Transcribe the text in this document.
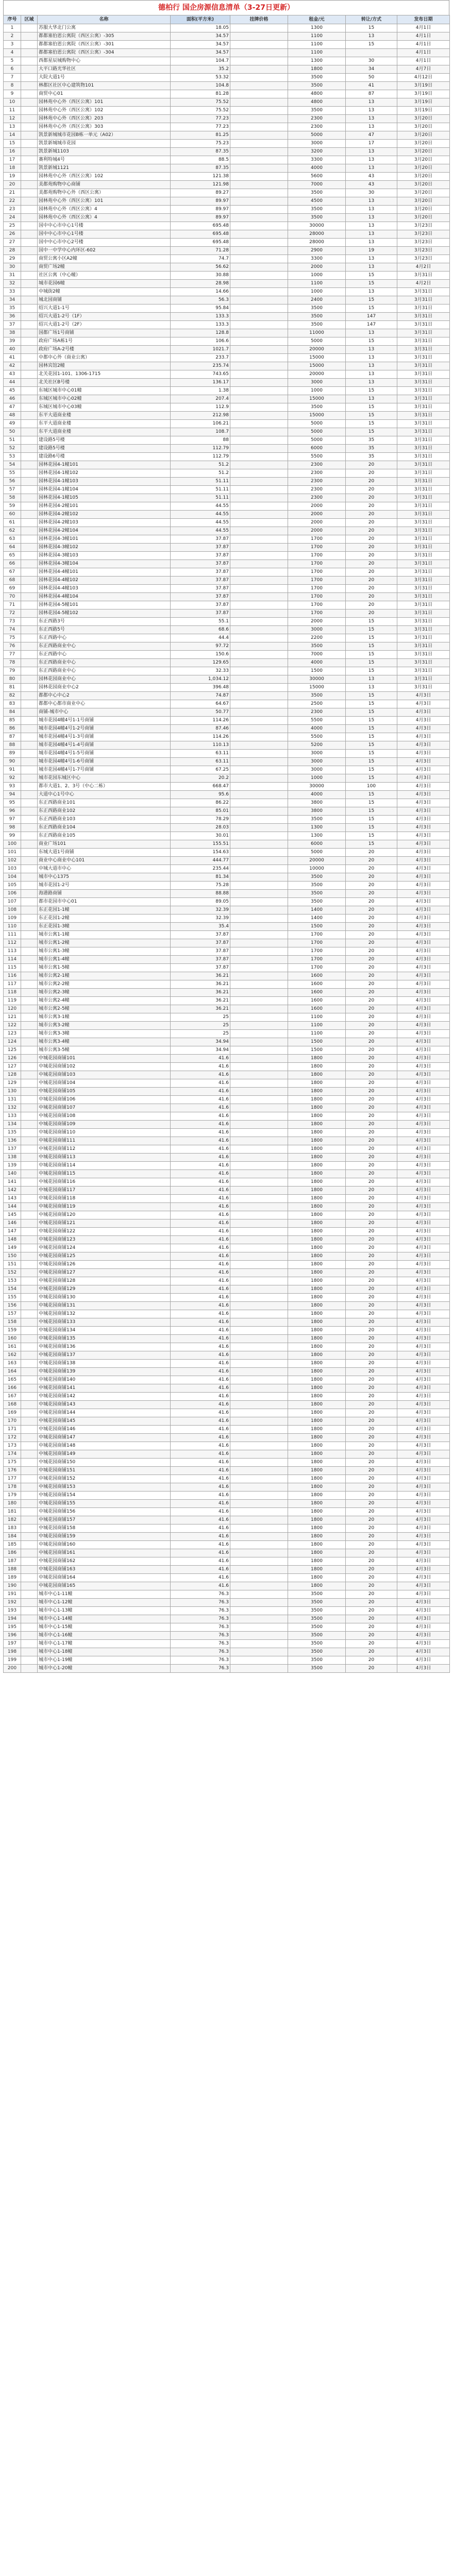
德柏行 国企房源信息清单（3-27日更新）
序号	区域	名称	面积(平方米)	挂牌价格	租金/元	转让/方式	发布日期
1		苏服大华北门公寓	18.05		1300	15	4月1日
2		都都塞伯恩公寓院（西区公寓）-305	34.57		1100	13	4月1日
3		都都塞伯恩公寓院（西区公寓）-301	34.57		1100	15	4月1日
4		都都塞伯恩公寓院（西区公寓）-304	34.57		1100		4月1日
5		西都星辰城购物中心	104.7		1300	30	4月1日
6		大平口路光华社区	35.2		1800	34	4月7日
7		大院大道1号	53.32		3500	50	4月12日
8		林都区社区中心建筑物101	104.8		3500	41	3月19日
9		商贸中心01	81.28		4800	87	3月19日
10		园林苑中心外（西区公寓）101	75.52		4800	13	3月19日
11		园林苑中心外（西区公寓）102	75.52		3500	13	3月19日
12		园林苑中心外（西区公寓）203	77.23		2300	13	3月20日
13		园林苑中心外（西区公寓）303	77.23		2300	13	3月20日
14		凯景新城城市花园B栋一单元（A02）	81.25		5000	47	3月20日
15		凯景新城城市花园	75.23		3000	17	3月20日
16		凯景新城1103	87.35		3200	13	3月20日
17		赛利特城4号	88.5		3300	13	3月20日
18		凯景新城1121	87.35		4000	13	3月20日
19		园林苑中心外（西区公寓）102	121.38		5600	43	3月20日
20		美都苑购物中心商铺	121.98		7000	43	3月20日
21		美都苑购物中心外（西区公寓）	89.27		3500	30	3月20日
22		园林苑中心外（西区公寓）101	89.97		4500	13	3月20日
23		园林苑中心外（西区公寓）4	89.97		3500	13	3月20日
24		园林苑中心外（西区公寓）4	89.97		3500	13	3月20日
25		国中中心市中心1号楼	695.48		30000	13	3月23日
26		国中中心市中心1号楼	695.48		28000	13	3月23日
27		国中中心市中心2号楼	695.48		28000	13	3月23日
28		国中一中学中心内环区-602	71.28		2900	19	3月23日
29		商贸公寓小区A2幢	74.7		3300	13	3月23日
30		商贸广场2幢	56.62		2000	13	4月2日
31		社区公寓（中心幢）	30.88		1000	15	3月31日
32		城市花园6幢	28.98		1100	15	4月2日
33		中城街2幢	14.66		1000	13	3月31日
34		城北园商铺	56.3		2400	15	3月31日
35		绍兴大道1-1号	95.84		3500	15	3月31日
36		绍兴大道1-2号（1F）	133.3		3500	147	3月31日
37		绍兴大道1-2号（2F）	133.3		3500	147	3月31日
38		国都广场1号商铺	128.8		11000	13	3月31日
39		政府广场A栋1号	106.6		5000	15	3月31日
40		政府广场A-2号楼	1021.7		20000	13	3月31日
41		中都中心外（商业公寓）	233.7		15000	13	3月31日
42		园林宾馆2幢	235.74		15000	13	3月31日
43		北关花园1-101、1306-1715	743.65		20000	13	3月31日
44		北关社区B号楼	136.17		3000	13	3月31日
45		东城区城市中心01幢	1.38		1000	15	3月31日
46		东城区城市中心02幢	207.4		15000	13	3月31日
47		东城区城市中心03幢	112.9		3500	15	3月31日
48		东平大道商业楼	212.98		15000	15	3月31日
49		东平大道商业楼	106.21		5000	15	3月31日
50		东平大道商业楼	108.7		5000	15	3月31日
51		建设路5号楼	88		5000	35	3月31日
52		建设路5号楼	112.79		6000	35	3月31日
53		建设路6号楼	112.79		5500	35	3月31日
54		园林花园4-1幢101	51.2		2300	20	3月31日
55		园林花园4-1幢102	51.2		2300	20	3月31日
56		园林花园4-1幢103	51.11		2300	20	3月31日
57		园林花园4-1幢104	51.11		2300	20	3月31日
58		园林花园4-1幢105	51.11		2300	20	3月31日
59		园林花园4-2幢101	44.55		2000	20	3月31日
60		园林花园4-2幢102	44.55		2000	20	3月31日
61		园林花园4-2幢103	44.55		2000	20	3月31日
62		园林花园4-2幢104	44.55		2000	20	3月31日
63		园林花园4-3幢101	37.87		1700	20	3月31日
64		园林花园4-3幢102	37.87		1700	20	3月31日
65		园林花园4-3幢103	37.87		1700	20	3月31日
66		园林花园4-3幢104	37.87		1700	20	3月31日
67		园林花园4-4幢101	37.87		1700	20	3月31日
68		园林花园4-4幢102	37.87		1700	20	3月31日
69		园林花园4-4幢103	37.87		1700	20	3月31日
70		园林花园4-4幢104	37.87		1700	20	3月31日
71		园林花园4-5幢101	37.87		1700	20	3月31日
72		园林花园4-5幢102	37.87		1700	20	3月31日
73		东正西路3号	55.1		2000	15	3月31日
74		东正西路5号	68.6		3000	15	3月31日
75		东正西路中心	44.4		2200	15	3月31日
76		东正西路商业中心	97.72		3500	15	3月31日
77		东正西路中心	150.6		7000	15	3月31日
78		东正西路商业中心	129.65		4000	15	3月31日
79		东正西路商业中心	32.33		1500	15	3月31日
80		园林花园商业中心	1,034.12		30000	13	3月31日
81		园林花园商业中心2	396.48		15000	13	3月31日
82		都都中心中心2	74.87		3500	15	4月3日
83		都都中心都市商业中心	64.67		2500	15	4月3日
84		商铺-城市中心	50.77		2300	15	4月3日
85		城市花园4幢4号1-1号商铺	114.26		5500	15	4月3日
86		城市花园4幢4号1-2号商铺	87.46		4000	15	4月3日
87		城市花园4幢4号1-3号商铺	114.26		5500	15	4月3日
88		城市花园4幢4号1-4号商铺	110.13		5200	15	4月3日
89		城市花园4幢4号1-5号商铺	63.11		3000	15	4月3日
90		城市花园4幢4号1-6号商铺	63.11		3000	15	4月3日
91		城市花园4幢4号1-7号商铺	67.25		3000	15	4月3日
92		城市花园东城区中心	20.2		1000	15	4月3日
93		都市大道1、2、3号（中心二栋）	668.47		30000	100	4月3日
94		大道中心1号中心	95.6		4000	15	4月3日
95		东正西路商业101	86.22		3800	15	4月3日
96		东正西路商业102	85.01		3800	15	4月3日
97		东正西路商业103	78.29		3500	15	4月3日
98		东正西路商业104	28.03		1300	15	4月3日
99		东正西路商业105	30.01		1300	15	4月3日
100		商业广场101	155.51		6000	15	4月3日
101		东城大道1号商铺	154.63		5000	20	4月3日
102		商业中心商业中心101	444.77		20000	20	4月3日
103		中城大道市中心	235.44		10000	20	4月3日
104		城市中心1375	81.34		3500	20	4月3日
105		城市花园1-2号	75.28		3500	20	4月3日
106		海港路商铺	88.88		3500	20	4月3日
107		都市花园市中心01	89.05		3500	20	4月3日
108		东正花园1-1幢	32.39		1400	20	4月3日
109		东正花园1-2幢	32.39		1400	20	4月3日
110		东正花园1-3幢	35.4		1500	20	4月3日
111		城市公寓1-1幢	37.87		1700	20	4月3日
112		城市公寓1-2幢	37.87		1700	20	4月3日
113		城市公寓1-3幢	37.87		1700	20	4月3日
114		城市公寓1-4幢	37.87		1700	20	4月3日
115		城市公寓1-5幢	37.87		1700	20	4月3日
116		城市公寓2-1幢	36.21		1600	20	4月3日
117		城市公寓2-2幢	36.21		1600	20	4月3日
118		城市公寓2-3幢	36.21		1600	20	4月3日
119		城市公寓2-4幢	36.21		1600	20	4月3日
120		城市公寓2-5幢	36.21		1600	20	4月3日
121		城市公寓3-1幢	25		1100	20	4月3日
122		城市公寓3-2幢	25		1100	20	4月3日
123		城市公寓3-3幢	25		1100	20	4月3日
124		城市公寓3-4幢	34.94		1500	20	4月3日
125		城市公寓3-5幢	34.94		1500	20	4月3日
126		中城花园商铺101	41.6		1800	20	4月3日
127		中城花园商铺102	41.6		1800	20	4月3日
128		中城花园商铺103	41.6		1800	20	4月3日
129		中城花园商铺104	41.6		1800	20	4月3日
130		中城花园商铺105	41.6		1800	20	4月3日
131		中城花园商铺106	41.6		1800	20	4月3日
132		中城花园商铺107	41.6		1800	20	4月3日
133		中城花园商铺108	41.6		1800	20	4月3日
134		中城花园商铺109	41.6		1800	20	4月3日
135		中城花园商铺110	41.6		1800	20	4月3日
136		中城花园商铺111	41.6		1800	20	4月3日
137		中城花园商铺112	41.6		1800	20	4月3日
138		中城花园商铺113	41.6		1800	20	4月3日
139		中城花园商铺114	41.6		1800	20	4月3日
140		中城花园商铺115	41.6		1800	20	4月3日
141		中城花园商铺116	41.6		1800	20	4月3日
142		中城花园商铺117	41.6		1800	20	4月3日
143		中城花园商铺118	41.6		1800	20	4月3日
144		中城花园商铺119	41.6		1800	20	4月3日
145		中城花园商铺120	41.6		1800	20	4月3日
146		中城花园商铺121	41.6		1800	20	4月3日
147		中城花园商铺122	41.6		1800	20	4月3日
148		中城花园商铺123	41.6		1800	20	4月3日
149		中城花园商铺124	41.6		1800	20	4月3日
150		中城花园商铺125	41.6		1800	20	4月3日
151		中城花园商铺126	41.6		1800	20	4月3日
152		中城花园商铺127	41.6		1800	20	4月3日
153		中城花园商铺128	41.6		1800	20	4月3日
154		中城花园商铺129	41.6		1800	20	4月3日
155		中城花园商铺130	41.6		1800	20	4月3日
156		中城花园商铺131	41.6		1800	20	4月3日
157		中城花园商铺132	41.6		1800	20	4月3日
158		中城花园商铺133	41.6		1800	20	4月3日
159		中城花园商铺134	41.6		1800	20	4月3日
160		中城花园商铺135	41.6		1800	20	4月3日
161		中城花园商铺136	41.6		1800	20	4月3日
162		中城花园商铺137	41.6		1800	20	4月3日
163		中城花园商铺138	41.6		1800	20	4月3日
164		中城花园商铺139	41.6		1800	20	4月3日
165		中城花园商铺140	41.6		1800	20	4月3日
166		中城花园商铺141	41.6		1800	20	4月3日
167		中城花园商铺142	41.6		1800	20	4月3日
168		中城花园商铺143	41.6		1800	20	4月3日
169		中城花园商铺144	41.6		1800	20	4月3日
170		中城花园商铺145	41.6		1800	20	4月3日
171		中城花园商铺146	41.6		1800	20	4月3日
172		中城花园商铺147	41.6		1800	20	4月3日
173		中城花园商铺148	41.6		1800	20	4月3日
174		中城花园商铺149	41.6		1800	20	4月3日
175		中城花园商铺150	41.6		1800	20	4月3日
176		中城花园商铺151	41.6		1800	20	4月3日
177		中城花园商铺152	41.6		1800	20	4月3日
178		中城花园商铺153	41.6		1800	20	4月3日
179		中城花园商铺154	41.6		1800	20	4月3日
180		中城花园商铺155	41.6		1800	20	4月3日
181		中城花园商铺156	41.6		1800	20	4月3日
182		中城花园商铺157	41.6		1800	20	4月3日
183		中城花园商铺158	41.6		1800	20	4月3日
184		中城花园商铺159	41.6		1800	20	4月3日
185		中城花园商铺160	41.6		1800	20	4月3日
186		中城花园商铺161	41.6		1800	20	4月3日
187		中城花园商铺162	41.6		1800	20	4月3日
188		中城花园商铺163	41.6		1800	20	4月3日
189		中城花园商铺164	41.6		1800	20	4月3日
190		中城花园商铺165	41.6		1800	20	4月3日
191		城市中心1-11幢	76.3		3500	20	4月3日
192		城市中心1-12幢	76.3		3500	20	4月3日
193		城市中心1-13幢	76.3		3500	20	4月3日
194		城市中心1-14幢	76.3		3500	20	4月3日
195		城市中心1-15幢	76.3		3500	20	4月3日
196		城市中心1-16幢	76.3		3500	20	4月3日
197		城市中心1-17幢	76.3		3500	20	4月3日
198		城市中心1-18幢	76.3		3500	20	4月3日
199		城市中心1-19幢	76.3		3500	20	4月3日
200		城市中心1-20幢	76.3		3500	20	4月3日
